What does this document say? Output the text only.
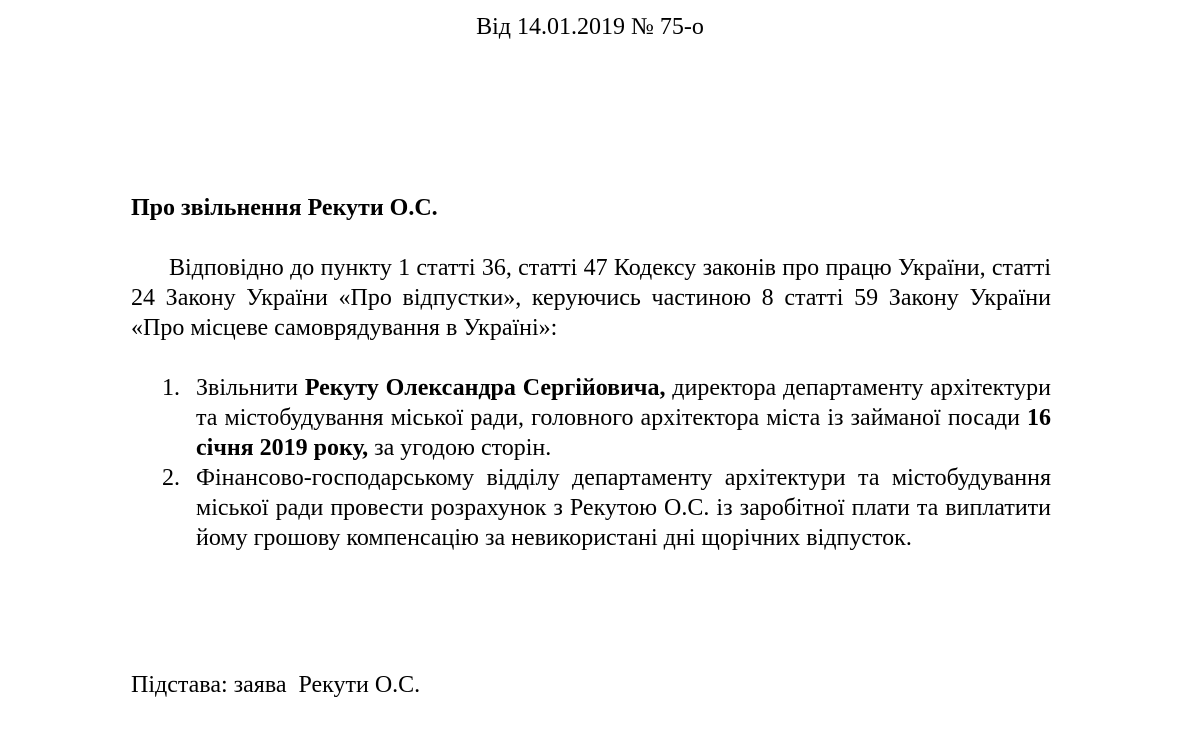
Від 14.01.2019 № 75-о
Про звільнення Рекути О.С.
Відповідно до пункту 1 статті 36, статті 47 Кодексу законів про працю України, статті 24 Закону України «Про відпустки», керуючись частиною 8 статті 59 Закону України «Про місцеве самоврядування в Україні»:
1. Звільнити Рекуту Олександра Сергійовича, директора департаменту архітектури та містобудування міської ради, головного архітектора міста із займаної посади 16 січня 2019 року, за угодою сторін.
2. Фінансово-господарському відділу департаменту архітектури та містобудування міської ради провести розрахунок з Рекутою О.С. із заробітної плати та виплатити йому грошову компенсацію за невикористані дні щорічних відпусток.
Підстава: заява  Рекути О.С.
